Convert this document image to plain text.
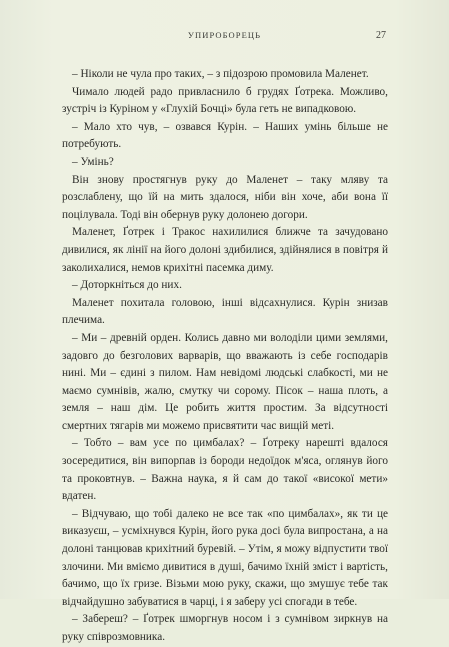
УПИРОБОРЕЦЬ	27

– Ніколи не чула про таких, – з підозрою промовила Маленет.

Чималo людей радо привласнило б грудях Ґотрека. Можливо, зустріч із Куріном у «Глухій Бочці» була геть не випадковою.

– Мало хто чув, – озвався Курін. – Наших умінь більше не потребують.

– Умінь?

Він знову простягнув руку до Маленет – таку мляву та розслаблену, що їй на мить здалося, ніби він хоче, аби вона її поцілувала. Тоді він обернув руку долонею догори.

Маленет, Ґотрек і Тракос нахилилися ближче та зачудовано дивилися, як лінії на його долоні здибилися, здійнялися в повітря й заколихалися, немов крихітні пасемка диму.

– Доторкніться до них.

Маленет похитала головою, інші відсахнулися. Курін знизав плечима.

– Ми – древній орден. Колись давно ми володіли цими землями, задовго до безголових варварів, що вважають із себе господарів нині. Ми – єдині з пилом. Нам невідомі людські слабкості, ми не маємо сумнівів, жалю, смутку чи сорому. Пісок – наша плоть, а земля – наш дім. Це робить життя простим. За відсутності смертних тягарів ми можемо присвятити час вищій меті.

– Тобто – вам усе по цимбалах? – Ґотреку нарешті вдалося зосередитися, він випорпав із бороди недоїдок м'яса, оглянув його та проковтнув. – Важна наука, я й сам до такої «високої мети» вдатен.

– Відчуваю, що тобі далеко не все так «по цимбалах», як ти це виказуєш, – усміхнувся Курін, його рука досі була випростана, а на долоні танцював крихітний буревій. – Утім, я можу відпустити твої злочини. Ми вміємо дивитися в душі, бачимо їхній зміст і вартість, бачимо, що їх гризе. Візьми мою руку, скажи, що змушує тебе так відчайдушно забуватися в чарці, і я заберу усі спогади в тебе.

– Забереш? – Ґотрек шморгнув носом і з сумнівом зиркнув на руку співрозмовника.
